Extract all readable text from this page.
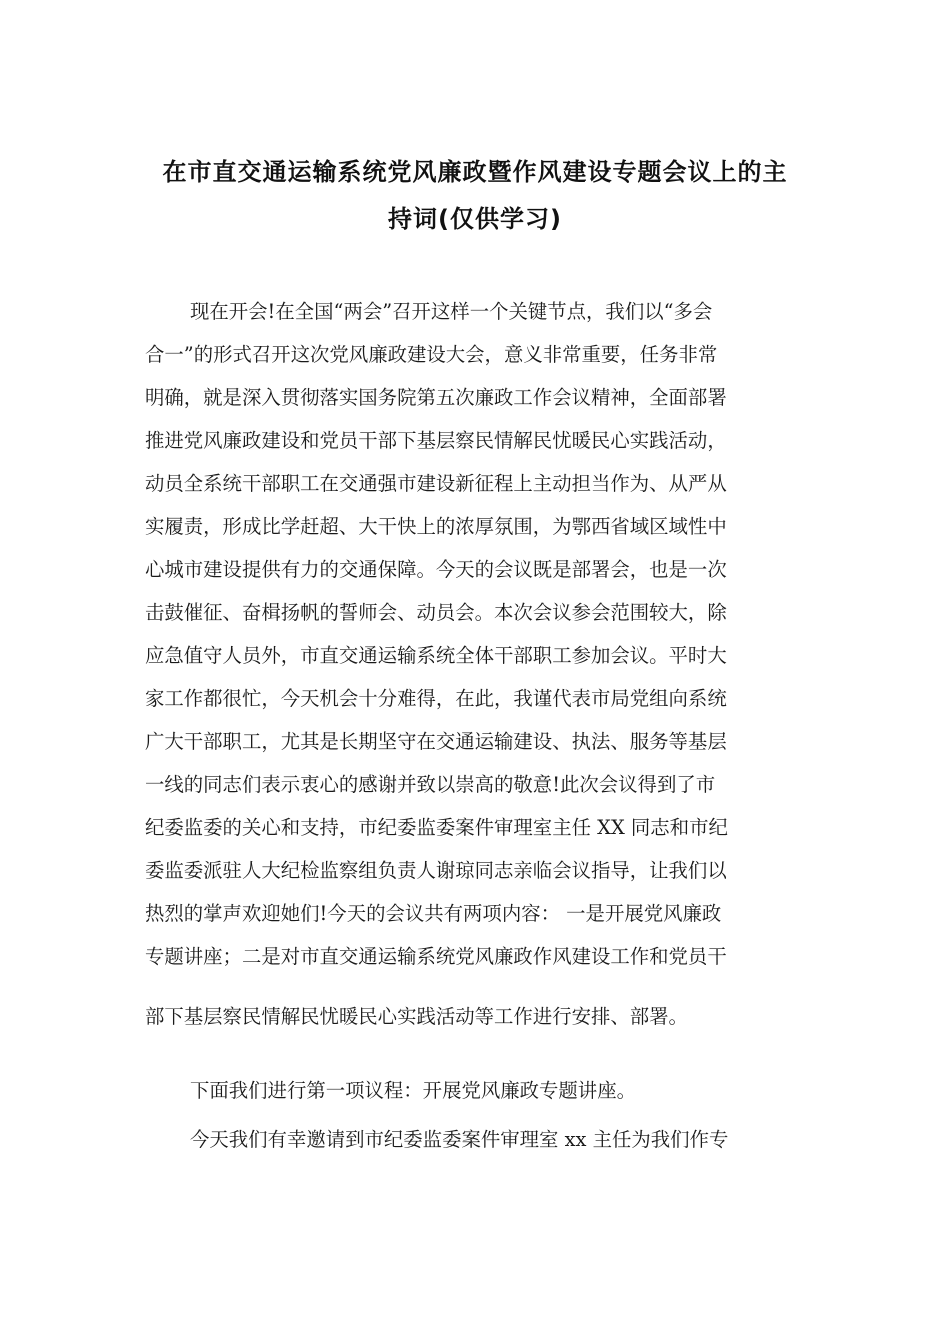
在市直交通运输系统党风廉政暨作风建设专题会议上的主
持词(仅供学习)
现在开会!在全国“两会”召开这样一个关键节点，我们以“多会
合一”的形式召开这次党风廉政建设大会，意义非常重要，任务非常
明确，就是深入贯彻落实国务院第五次廉政工作会议精神，全面部署
推进党风廉政建设和党员干部下基层察民情解民忧暖民心实践活动，
动员全系统干部职工在交通强市建设新征程上主动担当作为、从严从
实履责，形成比学赶超、大干快上的浓厚氛围，为鄂西省域区域性中
心城市建设提供有力的交通保障。今天的会议既是部署会，也是一次
击鼓催征、奋楫扬帆的誓师会、动员会。本次会议参会范围较大，除
应急值守人员外，市直交通运输系统全体干部职工参加会议。平时大
家工作都很忙，今天机会十分难得，在此，我谨代表市局党组向系统
广大干部职工，尤其是长期坚守在交通运输建设、执法、服务等基层
一线的同志们表示衷心的感谢并致以崇高的敬意!此次会议得到了市
纪委监委的关心和支持，市纪委监委案件审理室主任 XX 同志和市纪
委监委派驻人大纪检监察组负责人谢琼同志亲临会议指导，让我们以
热烈的掌声欢迎她们!今天的会议共有两项内容： 一是开展党风廉政
专题讲座；二是对市直交通运输系统党风廉政作风建设工作和党员干
部下基层察民情解民忧暖民心实践活动等工作进行安排、部署。
下面我们进行第一项议程：开展党风廉政专题讲座。
今天我们有幸邀请到市纪委监委案件审理室 xx 主任为我们作专
